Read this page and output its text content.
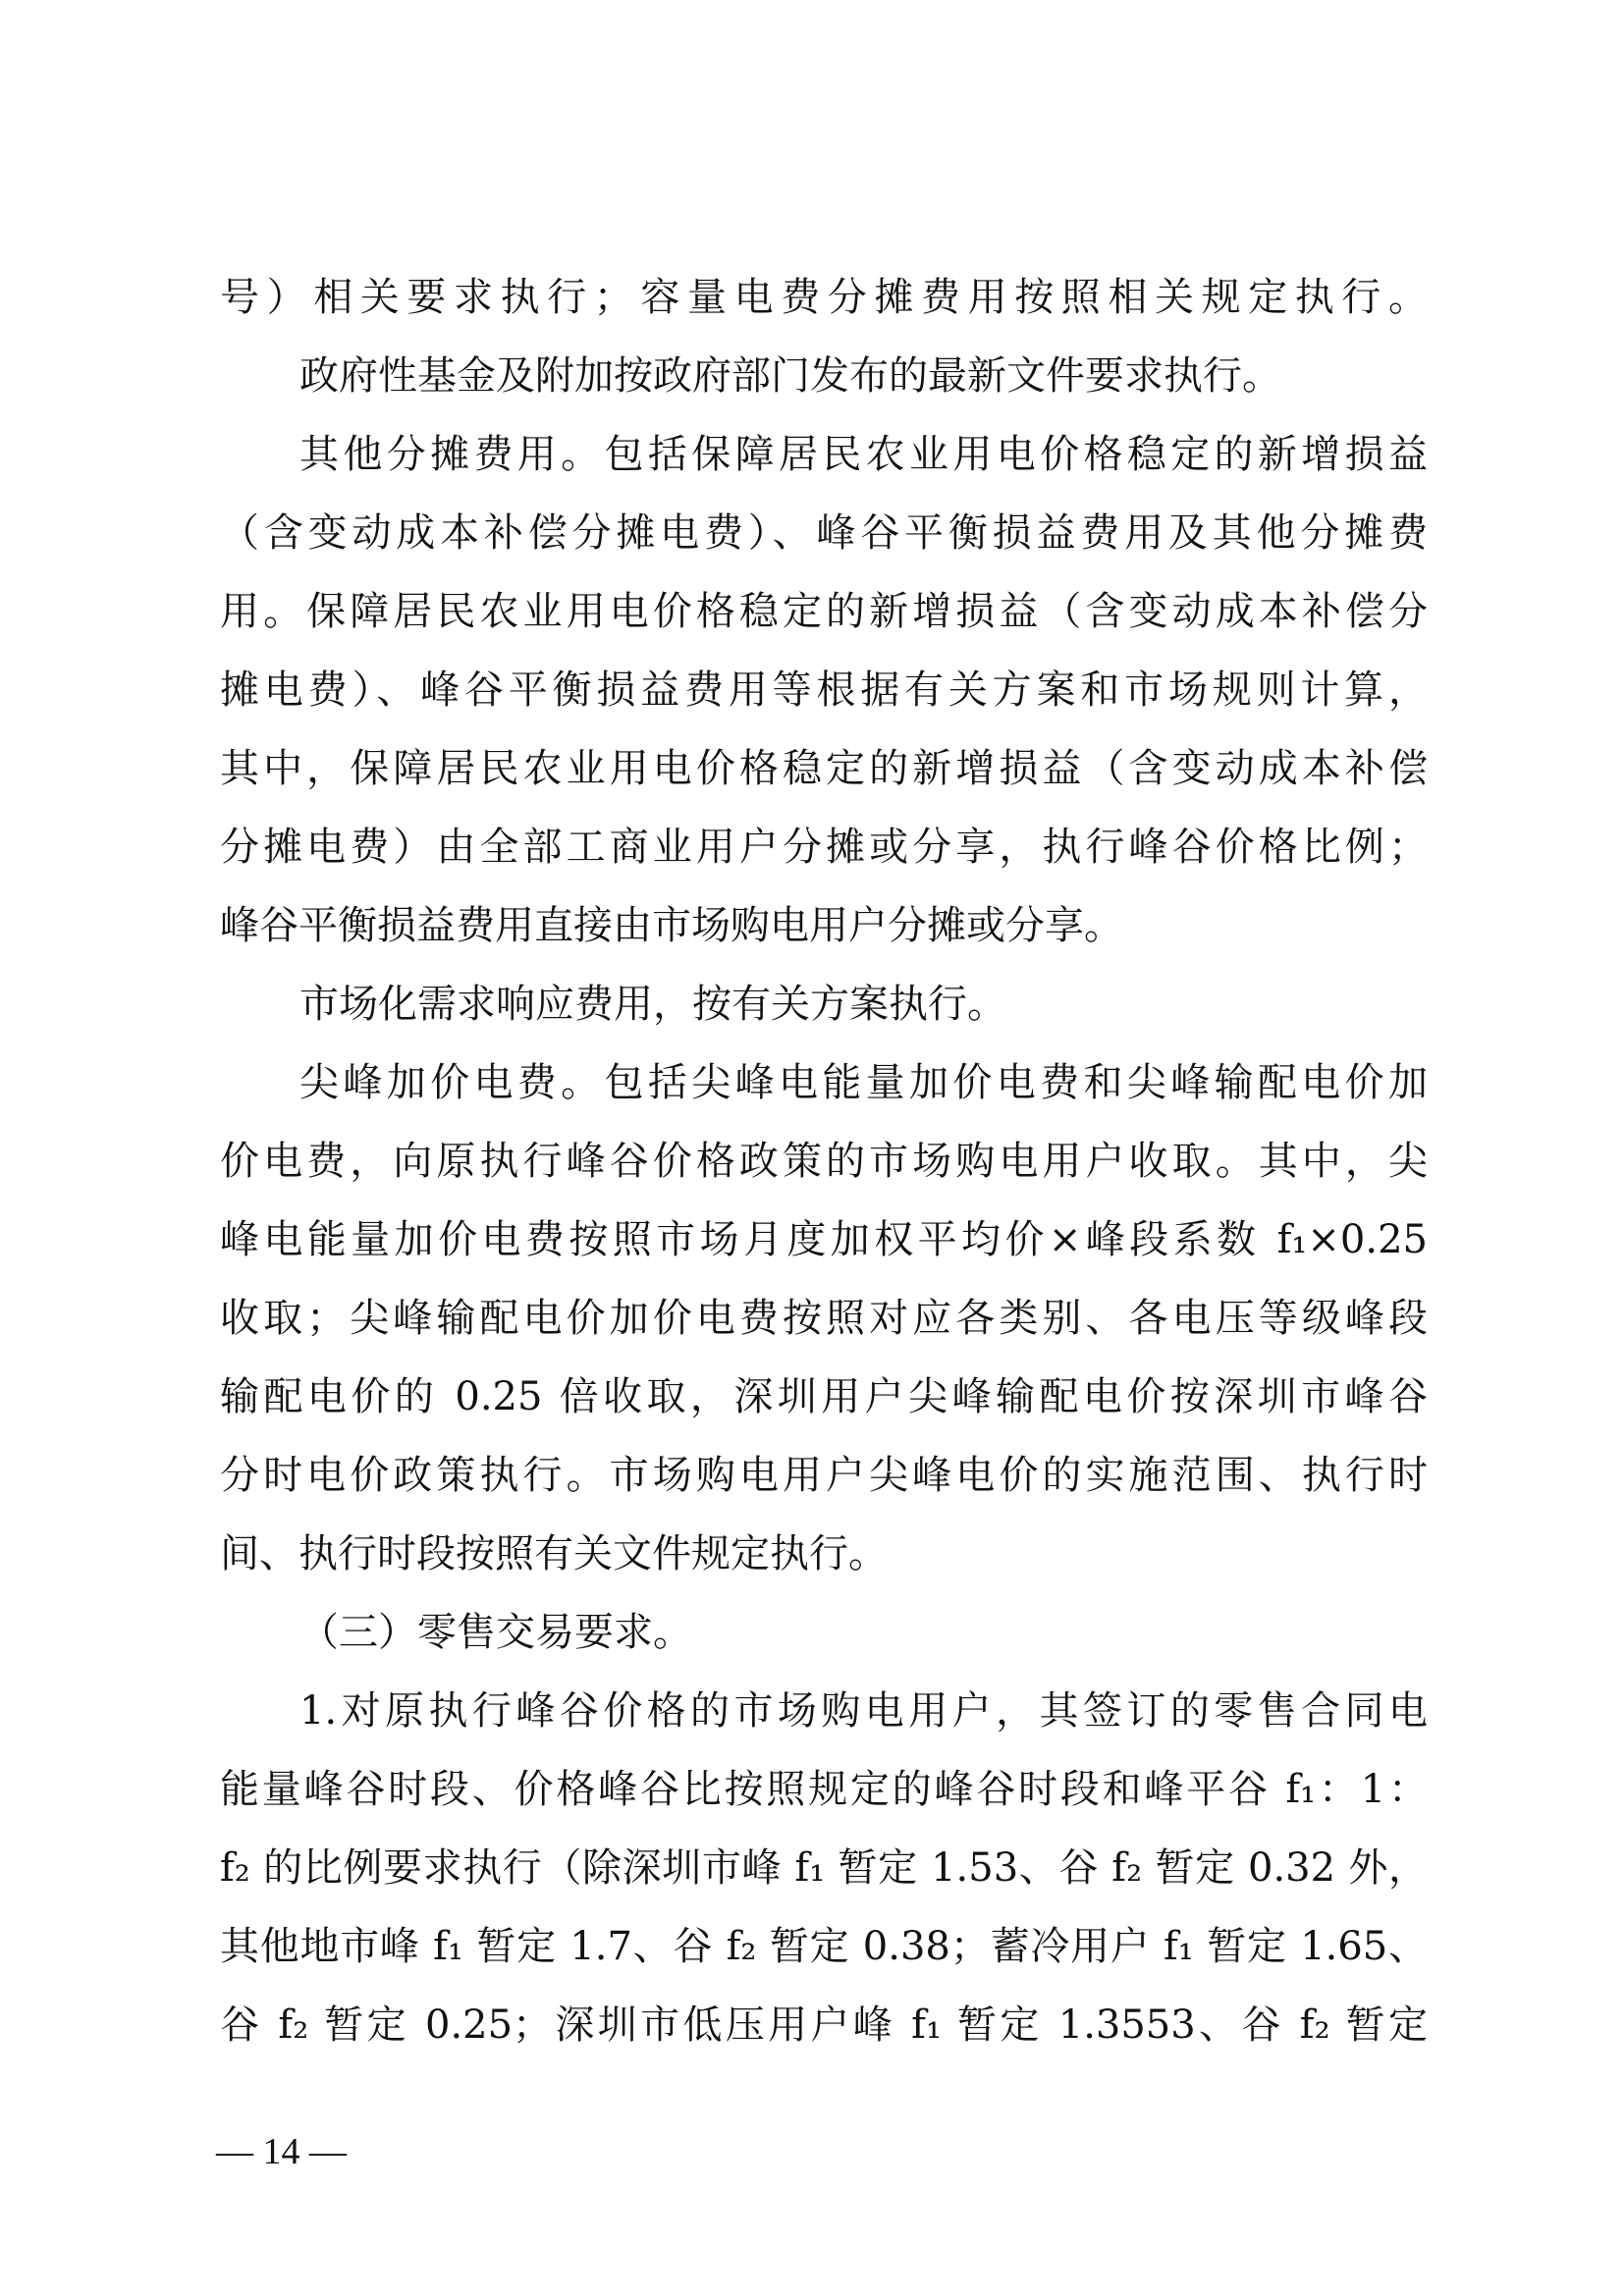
号）相关要求执行；容量电费分摊费用按照相关规定执行。
政府性基金及附加按政府部门发布的最新文件要求执行。
其他分摊费用。包括保障居民农业用电价格稳定的新增损益
（含变动成本补偿分摊电费）、峰谷平衡损益费用及其他分摊费
用。保障居民农业用电价格稳定的新增损益（含变动成本补偿分
摊电费）、峰谷平衡损益费用等根据有关方案和市场规则计算，
其中，保障居民农业用电价格稳定的新增损益（含变动成本补偿
分摊电费）由全部工商业用户分摊或分享，执行峰谷价格比例；
峰谷平衡损益费用直接由市场购电用户分摊或分享。
市场化需求响应费用，按有关方案执行。
尖峰加价电费。包括尖峰电能量加价电费和尖峰输配电价加
价电费，向原执行峰谷价格政策的市场购电用户收取。其中，尖
峰电能量加价电费按照市场月度加权平均价×峰段系数 f₁×0.25
收取；尖峰输配电价加价电费按照对应各类别、各电压等级峰段
输配电价的 0.25 倍收取，深圳用户尖峰输配电价按深圳市峰谷
分时电价政策执行。市场购电用户尖峰电价的实施范围、执行时
间、执行时段按照有关文件规定执行。
（三）零售交易要求。
1.对原执行峰谷价格的市场购电用户，其签订的零售合同电
能量峰谷时段、价格峰谷比按照规定的峰谷时段和峰平谷 f₁：1：
f₂ 的比例要求执行（除深圳市峰 f₁ 暂定 1.53、谷 f₂ 暂定 0.32 外，
其他地市峰 f₁ 暂定 1.7、谷 f₂ 暂定 0.38；蓄冷用户 f₁ 暂定 1.65、
谷 f₂ 暂定 0.25；深圳市低压用户峰 f₁ 暂定 1.3553、谷 f₂ 暂定
— 14 —
